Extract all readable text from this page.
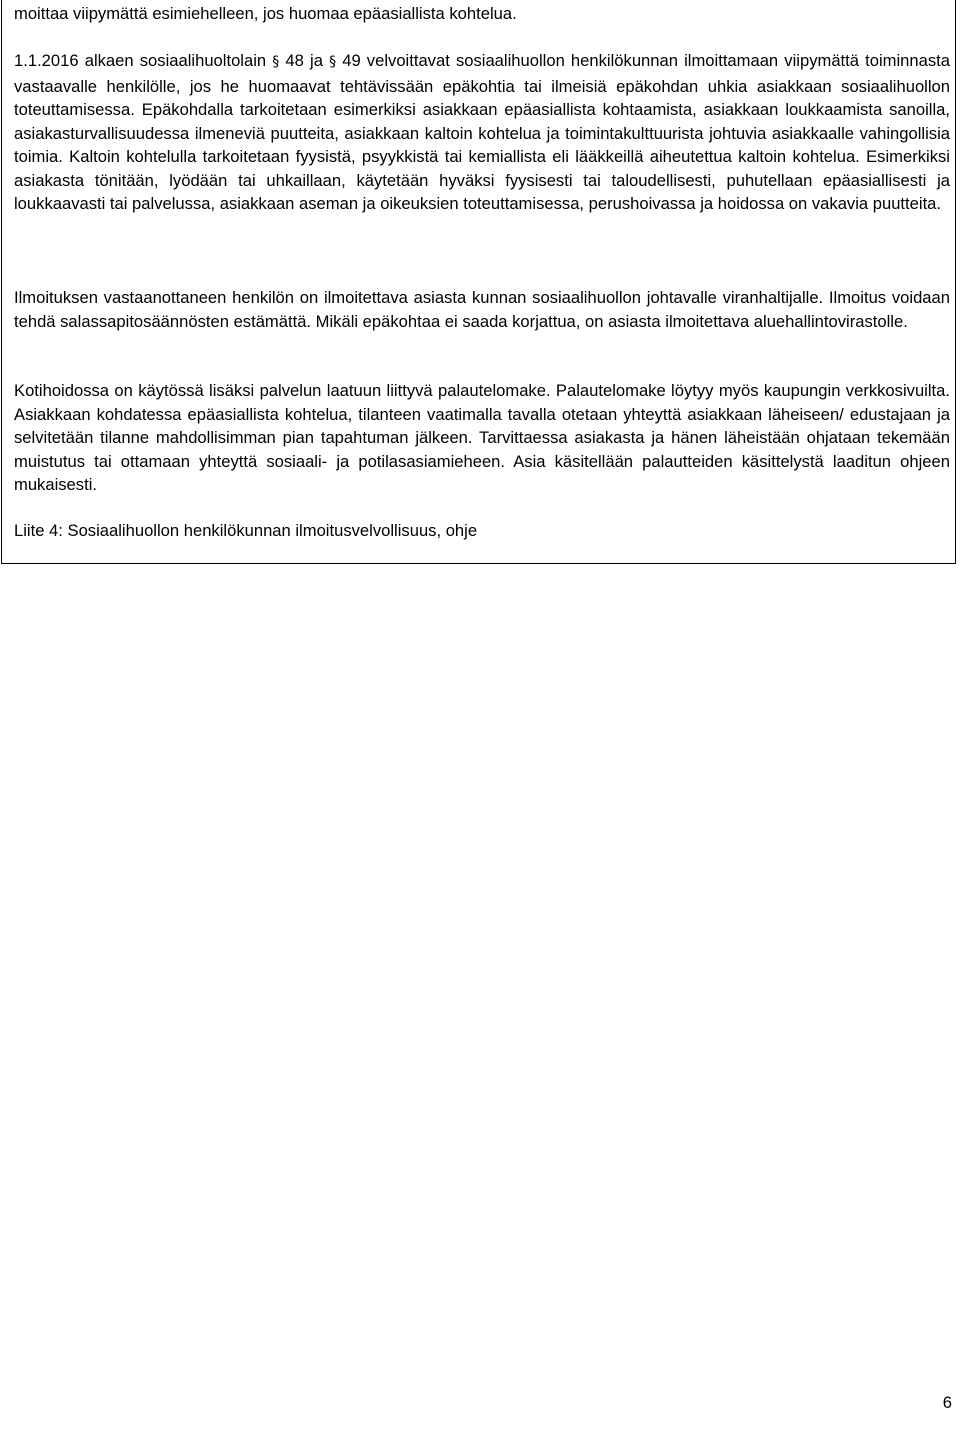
moittaa viipymättä esimiehelleen, jos huomaa epäasiallista kohtelua.

1.1.2016 alkaen sosiaalihuoltolain § 48 ja § 49 velvoittavat sosiaalihuollon henkilökunnan ilmoittamaan viipymättä toiminnasta vastaavalle henkilölle, jos he huomaavat tehtävissään epäkohtia tai ilmeisiä epäkohdan uhkia asiakkaan sosiaalihuollon toteuttamisessa. Epäkohdalla tarkoitetaan esimerkiksi asiakkaan epäasiallista kohtaamista, asiakkaan loukkaamista sanoilla, asiakasturvallisuudessa ilmeneviä puutteita, asiakkaan kaltoin kohtelua ja toimintakulttuurista johtuvia asiakkaalle vahingollisia toimia. Kaltoin kohtelulla tarkoitetaan fyysistä, psyykkistä tai kemiallista eli lääkkeillä aiheutettua kaltoin kohtelua. Esimerkiksi asiakasta tönitään, lyödään tai uhkaillaan, käytetään hyväksi fyysisesti tai taloudellisesti, puhutellaan epäasiallisesti ja loukkaavasti tai palvelussa, asiakkaan aseman ja oikeuksien toteuttamisessa, perushoivassa ja hoidossa on vakavia puutteita.

Ilmoituksen vastaanottaneen henkilön on ilmoitettava asiasta kunnan sosiaalihuollon johtavalle viranhaltijalle. Ilmoitus voidaan tehdä salassapitosäännösten estämättä. Mikäli epäkohtaa ei saada korjattua, on asiasta ilmoitettava aluehallintovirastolle.

Kotihoidossa on käytössä lisäksi palvelun laatuun liittyvä palautelomake. Palautelomake löytyy myös kaupungin verkkosivuilta. Asiakkaan kohdatessa epäasiallista kohtelua, tilanteen vaatimalla tavalla otetaan yhteyttä asiakkaan läheiseen/ edustajaan ja selvitetään tilanne mahdollisimman pian tapahtuman jälkeen. Tarvittaessa asiakasta ja hänen läheistään ohjataan tekemään muistutus tai ottamaan yhteyttä sosiaali- ja potilasasiamieheen. Asia käsitellään palautteiden käsittelystä laaditun ohjeen mukaisesti.

Liite 4: Sosiaalihuollon henkilökunnan ilmoitusvelvollisuus, ohje

6
